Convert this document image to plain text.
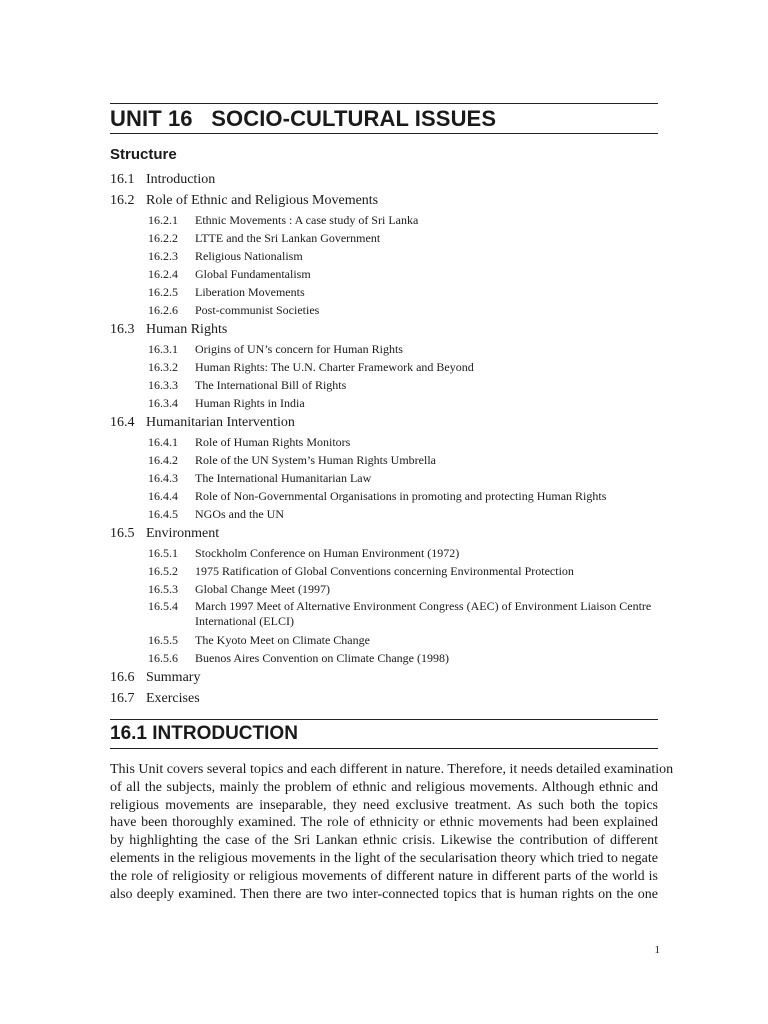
UNIT 16   SOCIO-CULTURAL ISSUES
Structure
16.1 Introduction
16.2 Role of Ethnic and Religious Movements
16.2.1	Ethnic Movements : A case study of Sri Lanka
16.2.2	LTTE and the Sri Lankan Government
16.2.3	Religious Nationalism
16.2.4	Global Fundamentalism
16.2.5	Liberation Movements
16.2.6	Post-communist Societies
16.3 Human Rights
16.3.1	Origins of UN’s concern for Human Rights
16.3.2	Human Rights: The U.N. Charter Framework and Beyond
16.3.3	The International Bill of Rights
16.3.4	Human Rights in India
16.4 Humanitarian Intervention
16.4.1	Role of Human Rights Monitors
16.4.2	Role of the UN System’s Human Rights Umbrella
16.4.3	The International Humanitarian Law
16.4.4	Role of Non-Governmental Organisations in promoting and protecting Human Rights
16.4.5	NGOs and the UN
16.5 Environment
16.5.1	Stockholm Conference on Human Environment (1972)
16.5.2	1975 Ratification of Global Conventions concerning Environmental Protection
16.5.3	Global Change Meet (1997)
16.5.4	March 1997 Meet of Alternative Environment Congress (AEC) of Environment Liaison Centre International (ELCI)
16.5.5	The Kyoto Meet on Climate Change
16.5.6	Buenos Aires Convention on Climate Change (1998)
16.6 Summary
16.7 Exercises
16.1 INTRODUCTION
This Unit covers several topics and each different in nature. Therefore, it needs detailed examination
of all the subjects, mainly the problem of ethnic and religious movements. Although ethnic and
religious movements are inseparable, they need exclusive treatment. As such both the topics
have been thoroughly examined. The role of ethnicity or ethnic movements had been explained
by highlighting the case of the Sri Lankan ethnic crisis. Likewise the contribution of different
elements in the religious movements in the light of the secularisation theory which tried to negate
the role of religiosity or religious movements of different nature in different parts of the world is
also deeply examined. Then there are two inter-connected topics that is human rights on the one
1
